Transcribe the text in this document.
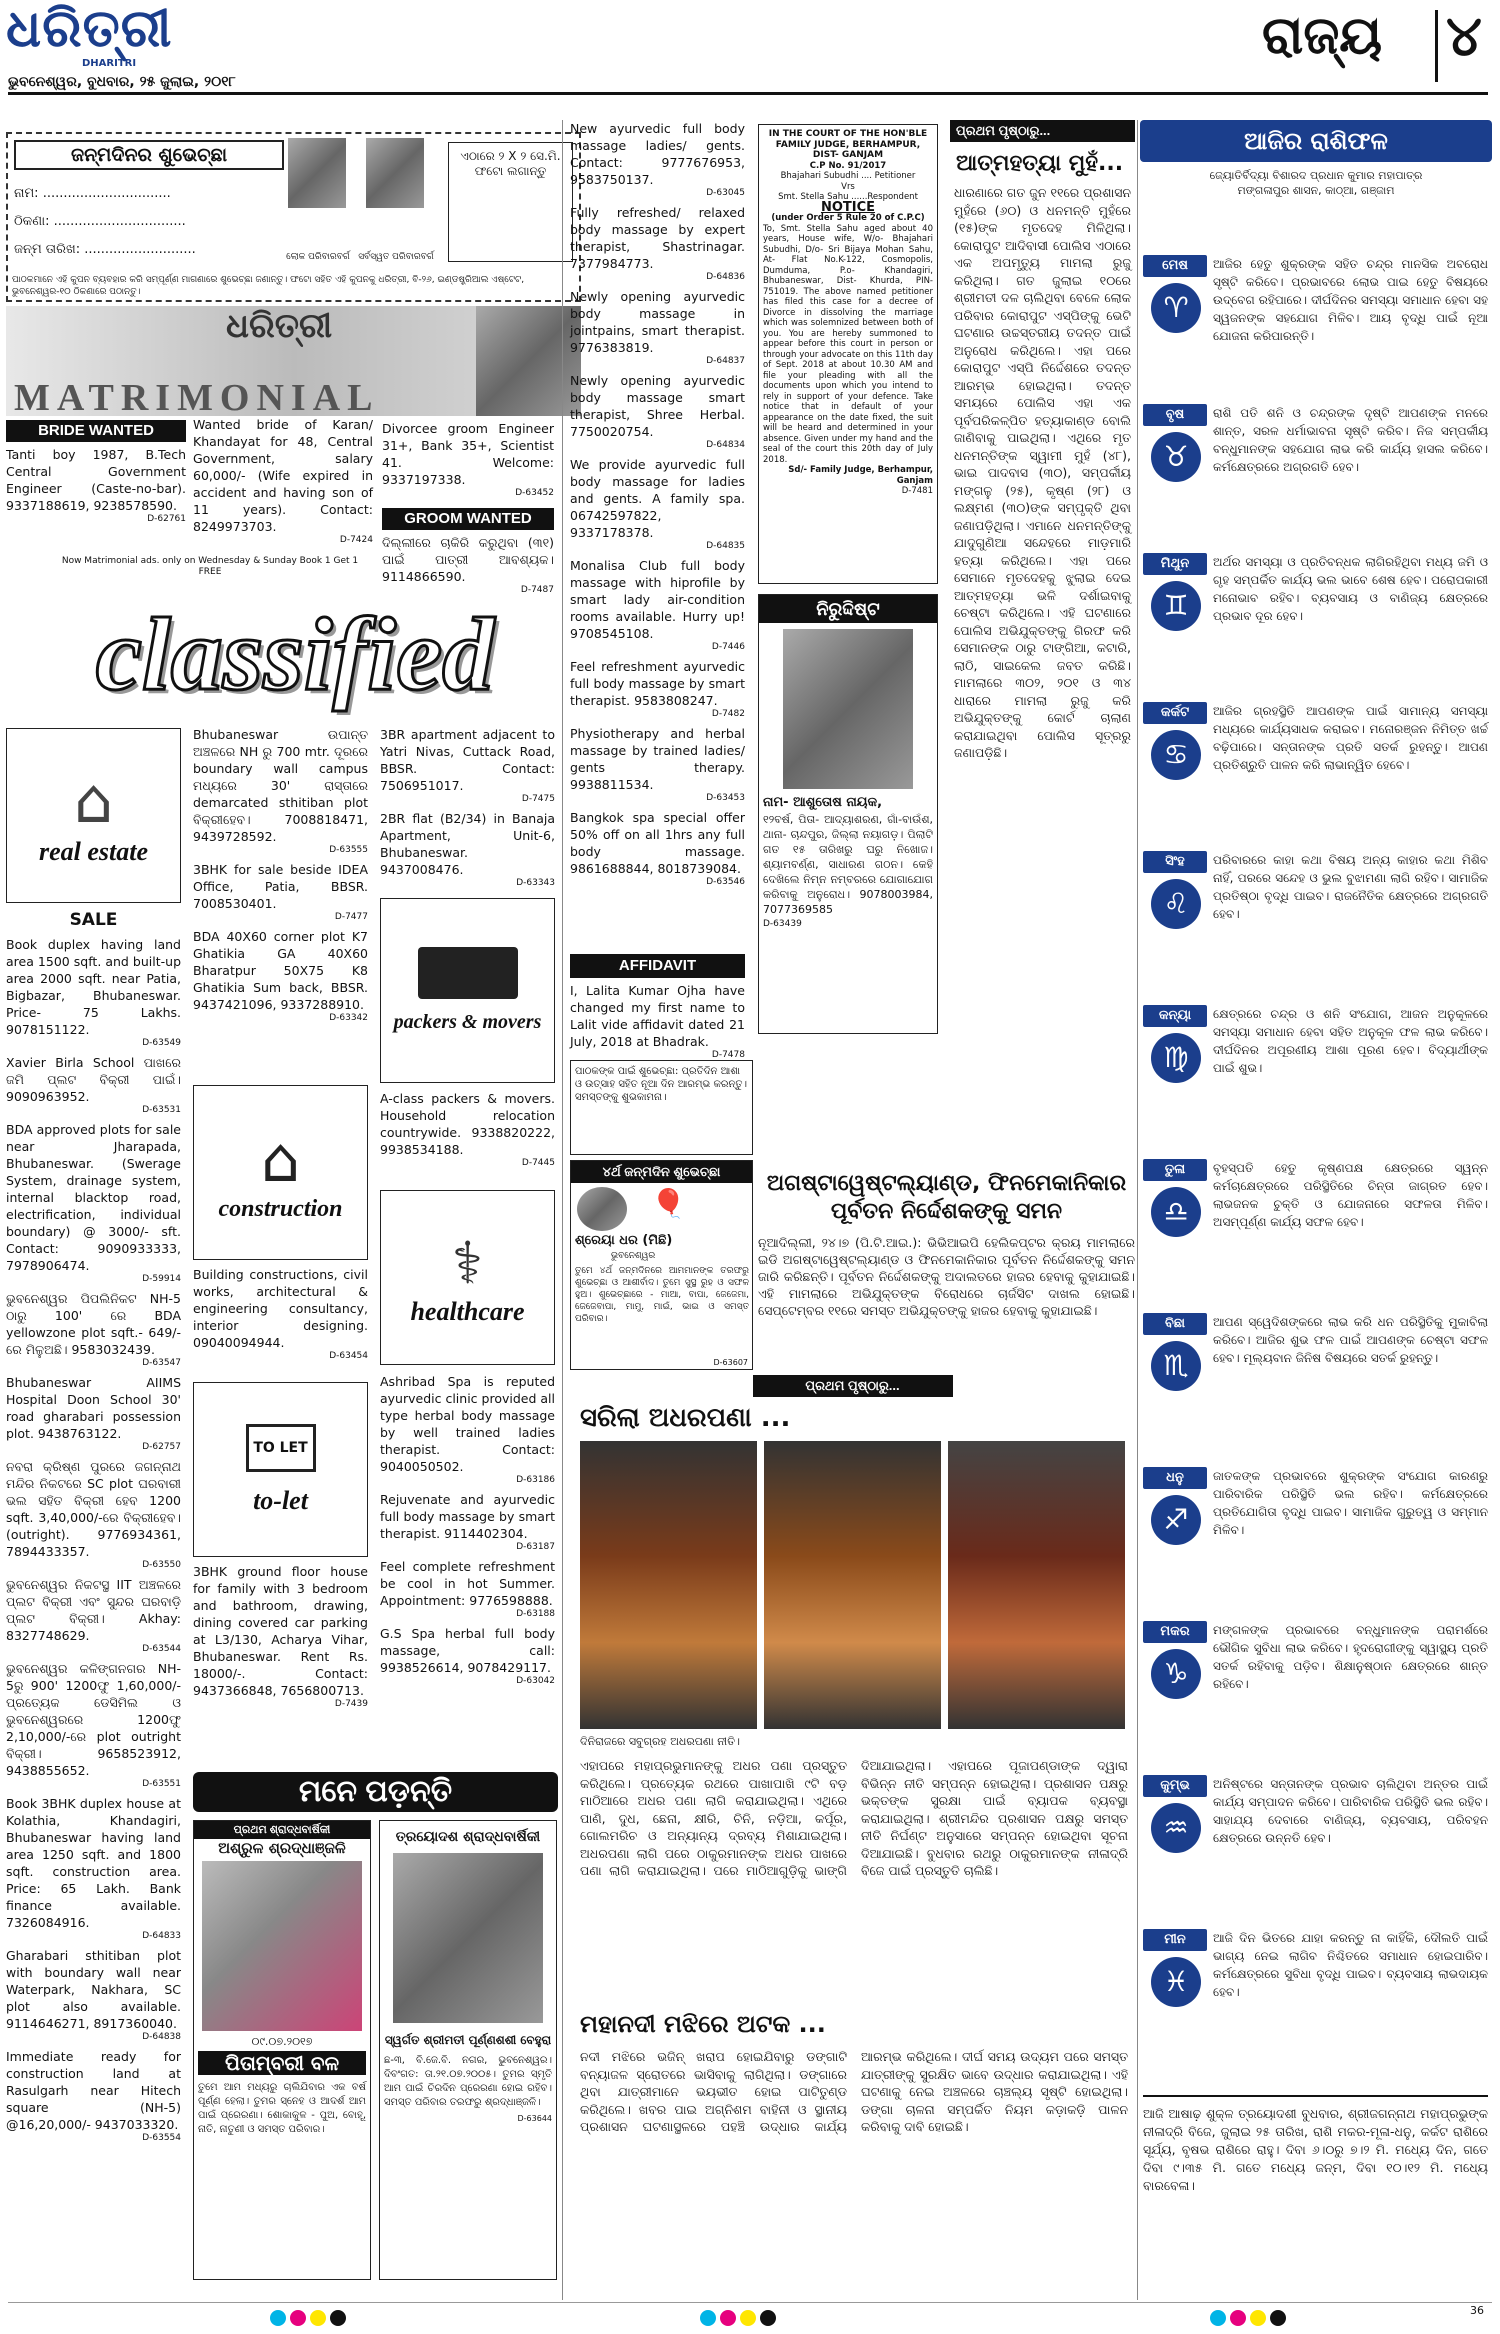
ଧରିତ୍ରୀ
DHARITRI
ଭୁବନେଶ୍ୱର, ବୁଧବାର, ୨୫ ଜୁଲାଇ, ୨୦୧୮
ରାଜ୍ୟ ୪
ଜନ୍ମଦିନର ଶୁଭେଚ୍ଛା
ନାମ: ...............................
ଠିକଣା: ................................
ଜନ୍ମ ତାରିଖ: ...........................	ଲୋକ ପରିବାରବର୍ଗ ସର୍ବସ୍ୱତ ପରିବାରବର୍ଗ
ଏଠାରେ ୨ X ୨ ସେ.ମି. ଫଟୋ ଲଗାନ୍ତୁ
ପାଠକମାନେ ଏହି କୁପନ ବ୍ୟବହାର କରି ସମ୍ପୂର୍ଣ୍ଣ ମାଗଣାରେ ଶୁଭେଚ୍ଛା ଜଣାନ୍ତୁ। ଫଟୋ ସହିତ ଏହି କୁପନକୁ ଧରିତ୍ରୀ, ବି-୨୬, ଇଣ୍ଡଷ୍ଟ୍ରିଆଲ ଏଷ୍ଟେଟ, ଭୁବନେଶ୍ୱର-୧୦ ଠିକଣାରେ ପଠାନ୍ତୁ।
ଧରିତ୍ରୀ
MATRIMONIAL
BRIDE WANTED
Tanti boy 1987, B.Tech Central Government Engineer (Caste-no-bar). 9337188619, 9238578590.
D-62761
Wanted bride of Karan/ Khandayat for 48, Central Government, salary 60,000/- (Wife expired in accident and having son of 11 years). Contact: 8249973703.
D-7424
Divorcee groom Engineer 31+, Bank 35+, Scientist 41. Welcome: 9337197338.
D-63452
GROOM WANTED
ଦିଲ୍ଲୀରେ ଚାକିରି କରୁଥିବା (୩୧) ପାଇଁ ପାତ୍ରୀ ଆବଶ୍ୟକ। 9114866590.
D-7487
Now Matrimonial ads. only on Wednesday & Sunday Book 1 Get 1 FREE
classified
⌂
real estate
SALE
Book duplex having land area 1500 sqft. and built-up area 2000 sqft. near Patia, Bigbazar, Bhubaneswar. Price- 75 Lakhs. 9078151122.
D-63549
Xavier Birla School ପାଖରେ ଜମି ପ୍ଲଟ ବିକ୍ରୀ ପାଇଁ। 9090963952.
D-63531
BDA approved plots for sale near Jharapada, Bhubaneswar. (Swerage System, drainage system, internal blacktop road, electrification, individual boundary) @ 3000/- sft. Contact: 9090933333, 7978906474.
D-59914
ଭୁବନେଶ୍ୱର ପିପଲିନିକଟ NH-5 ଠାରୁ 100' ରେ BDA yellowzone plot sqft.- 649/-ରେ ମିଳୁଅଛି। 9583032439.
D-63547
Bhubaneswar AIIMS Hospital Doon School 30' road gharabari possession plot. 9438763122.
D-62757
ନବରା କ୍ରିଷ୍ଣ ପୁରରେ ଜଗନ୍ନାଥ ମନ୍ଦିର ନିକଟରେ SC plot ଘରବାରୀ ଭଲ ସହିତ ବିକ୍ରୀ ହେବ 1200 sqft. 3,40,000/-ରେ ବିକ୍ରୀହେବ। (outright). 9776934361, 7894433357.
D-63550
ଭୁବନେଶ୍ୱର ନିକଟସ୍ଥ IIT ଅଞ୍ଚଳରେ ପ୍ଲଟ ବିକ୍ରୀ ଏବଂ ସୁନ୍ଦର ଘରବାଡ଼ି ପ୍ଲଟ ବିକ୍ରୀ। Akhay: 8327748629.
D-63544
ଭୁବନେଶ୍ୱର କଳିଙ୍ଗନଗର NH-5ରୁ 900' 1200ଫୁ 1,60,000/- ପ୍ରତ୍ୟେକ ଡେସିମିଲ ଓ ଭୁବନେଶ୍ୱରରେ 1200ଫୁ 2,10,000/-ରେ plot outright ବିକ୍ରୀ। 9658523912, 9438855652.
D-63551
Book 3BHK duplex house at Kolathia, Khandagiri, Bhubaneswar having land area 1250 sqft. and 1800 sqft. construction area. Price: 65 Lakh. Bank finance available. 7326084916.
D-64833
Gharabari sthitiban plot with boundary wall near Waterpark, Nakhara, SC plot also available. 9114646271, 8917360040.
D-64838
Immediate ready for construction land at Rasulgarh near Hitech square (NH-5) @16,20,000/- 9437033320.
D-63554
Bhubaneswar ଉପାନ୍ତ ଅଞ୍ଚଳରେ NH ରୁ 700 mtr. ଦୂରରେ boundary wall campus ମଧ୍ୟରେ 30' ରାସ୍ତାରେ demarcated sthitiban plot ବିକ୍ରୀହେବ। 7008818471, 9439728592.
D-63555
3BHK for sale beside IDEA Office, Patia, BBSR. 7008530401.
D-7477
BDA 40X60 corner plot K7 Ghatikia GA 40X60 Bharatpur 50X75 K8 Ghatikia Sum back, BBSR. 9437421096, 9337288910.
D-63342
⌂
construction
Building constructions, civil works, architectural & engineering consultancy, interior designing. 09040094944.
D-63454
TO LET
to-let
3BHK ground floor house for family with 3 bedroom and bathroom, drawing, dining covered car parking at L3/130, Acharya Vihar, Bhubaneswar. Rent Rs. 18000/-. Contact: 9437366848, 7656800713.
D-7439
3BR apartment adjacent to Yatri Nivas, Cuttack Road, BBSR. Contact: 7506951017.
D-7475
2BR flat (B2/34) in Banaja Apartment, Unit-6, Bhubaneswar. 9437008476.
D-63343
packers & movers
A-class packers & movers. Household relocation countrywide. 9338820222, 9938534188.
D-7445
⚕
healthcare
Ashribad Spa is reputed ayurvedic clinic provided all type herbal body massage by well trained ladies therapist. Contact: 9040050502.
D-63186
Rejuvenate and ayurvedic full body massage by smart therapist. 9114402304.
D-63187
Feel complete refreshment be cool in hot Summer. Appointment: 9776598888.
D-63188
G.S Spa herbal full body massage, call: 9938526614, 9078429117.
D-63042
New ayurvedic full body massage ladies/ gents. Contact: 9777676953, 9583750137.
D-63045
Fully refreshed/ relaxed body massage by expert therapist, Shastrinagar. 7377984773.
D-64836
Newly opening ayurvedic body massage in jointpains, smart therapist. 9776383819.
D-64837
Newly opening ayurvedic body massage smart therapist, Shree Herbal. 7750020754.
D-64834
We provide ayurvedic full body massage for ladies and gents. A family spa. 06742597822, 9337178378.
D-64835
Monalisa Club full body massage with hiprofile by smart lady air-condition rooms available. Hurry up! 9708545108.
D-7446
Feel refreshment ayurvedic full body massage by smart therapist. 9583808247.
D-7482
Physiotherapy and herbal massage by trained ladies/ gents therapy. 9938811534.
D-63453
Bangkok spa special offer 50% off on all 1hrs any full body massage. 9861688844, 8018739084.
D-63546
AFFIDAVIT
I, Lalita Kumar Ojha have changed my first name to Lalit vide affidavit dated 21 July, 2018 at Bhadrak.
D-7478
IN THE COURT OF THE HON'BLE FAMILY JUDGE, BERHAMPUR, DIST- GANJAM
C.P No. 91/2017
Bhajahari Subudhi .... Petitioner
Vrs
Smt. Stella Sahu ......Respondent
NOTICE
(under Order 5 Rule 20 of C.P.C)
To, Smt. Stella Sahu aged about 40 years, House wife, W/o- Bhajahari Subudhi, D/o- Sri Bijaya Mohan Sahu, At- Flat No.K-122, Cosmopolis, Dumduma, P.o- Khandagiri, Bhubaneswar, Dist- Khurda, PIN- 751019. The above named petitioner has filed this case for a decree of Divorce in dissolving the marriage which was solemnized between both of you. You are hereby summoned to appear before this court in person or through your advocate on this 11th day of Sept. 2018 at about 10.30 AM and file your pleading with all the documents upon which you intend to rely in support of your defence. Take notice that in default of your appearance on the date fixed, the suit will be heard and determined in your absence. Given under my hand and the seal of the court this 20th day of July 2018.
Sd/- Family Judge, Berhampur, Ganjam
D-7481
ନିରୁଦ୍ଦିଷ୍ଟ
ନାମ- ଆଶୁତୋଷ ନାୟକ,
୧୨ବର୍ଷ, ପିତା- ଆଦ୍ୟାଶରଣ, ଗାଁ-ବାଉଁଶ, ଥାନା- ଚାନ୍ଦପୁର, ଜିଲ୍ଲା ନୟାଗଡ଼। ପିଲାଟି ଗତ ୧୫ ତାରିଖରୁ ଘରୁ ନିଖୋଜ। ଶ୍ୟାମବର୍ଣ୍ଣ, ସାଧାରଣ ଗଠନ। କେହି ଦେଖିଲେ ନିମ୍ନ ନମ୍ବରରେ ଯୋଗାଯୋଗ କରିବାକୁ ଅନୁରୋଧ। 9078003984, 7077369585
D-63439
ପାଠକଙ୍କ ପାଇଁ ଶୁଭେଚ୍ଛା: ପ୍ରତିଦିନ ଆଶା ଓ ଉତ୍ସାହ ସହିତ ନୂଆ ଦିନ ଆରମ୍ଭ କରନ୍ତୁ। ସମସ୍ତଙ୍କୁ ଶୁଭକାମନା।
୪ର୍ଥ ଜନ୍ମଦିନ ଶୁଭେଚ୍ଛା
🎈
ଶ୍ରେୟା ଧର (ମିଛି)
ଭୁବନେଶ୍ୱର
ତୁମେ ୪ର୍ଥ ଜନ୍ମଦିନରେ ଆମମାନଙ୍କ ତରଫରୁ ଶୁଭେଚ୍ଛା ଓ ଆଶୀର୍ବାଦ। ତୁମେ ସୁସ୍ଥ ରୁହ ଓ ସଫଳ ହୁଅ। ଶୁଭେଚ୍ଛାରେ - ମାଆ, ବାପା, ଜେଜେମା, ଜେଜେବାପା, ମାମୁ, ମାଇଁ, ଭାଇ ଓ ସମସ୍ତ ପରିବାର।
D-63607
ପ୍ରଥମ ପୃଷ୍ଠାରୁ...
ଆତ୍ମହତ୍ୟା ମୁହଁ...
ଧାରଣାରେ ଗତ ଜୁନ ୧୧ରେ ପ୍ରଶାସନ ମୁହଁରେ (୬୦) ଓ ଧନମନ୍ତି ମୁହଁରେ (୧୫)ଙ୍କ ମୃତଦେହ ମିଳିଥିଲା। କୋରାପୁଟ ଆଦିବାସୀ ପୋଲିସ ଏଠାରେ ଏକ ଅପମୃତ୍ୟୁ ମାମଲା ରୁଜୁ କରିଥିଲା। ଗତ ଜୁଲାଇ ୧୦ରେ ଶ୍ରୀମତୀ ଦଳ ଚାଲିଥିବା ବେଳେ ଲୋକ ପରିବାର କୋରାପୁଟ ଏସ୍‌ପିଙ୍କୁ ଭେଟି ଘଟଣାର ଉଚ୍ଚସ୍ତରୀୟ ତଦନ୍ତ ପାଇଁ ଅନୁରୋଧ କରିଥିଲେ। ଏହା ପରେ କୋରାପୁଟ ଏସ୍‌ପି ନିର୍ଦ୍ଦେଶରେ ତଦନ୍ତ ଆରମ୍ଭ ହୋଇଥିଲା। ତଦନ୍ତ ସମୟରେ ପୋଲିସ ଏହା ଏକ ପୂର୍ବପରିକଳ୍ପିତ ହତ୍ୟାକାଣ୍ଡ ବୋଲି ଜାଣିବାକୁ ପାଇଥିଲା। ଏଥିରେ ମୃତ ଧନମନ୍ତିଙ୍କ ସ୍ୱାମୀ ମୁହଁ (୪୮), ଭାଇ ପାଦବାସ (୩୦), ସମ୍ପର୍କୀୟ ମଙ୍ଗଳୁ (୨୫), କୃଷ୍ଣ (୨୮) ଓ ଲକ୍ଷ୍ମଣ (୩୦)ଙ୍କ ସମ୍ପୃକ୍ତି ଥିବା ଜଣାପଡ଼ିଥିଲା। ଏମାନେ ଧନମନ୍ତିଙ୍କୁ ଯାଦୁଗୁଣିଆ ସନ୍ଦେହରେ ମାଡ଼ମାରି ହତ୍ୟା କରିଥିଲେ। ଏହା ପରେ ସେମାନେ ମୃତଦେହକୁ ଝୁଲାଇ ଦେଇ ଆତ୍ମହତ୍ୟା ଭଳି ଦର୍ଶାଇବାକୁ ଚେଷ୍ଟା କରିଥିଲେ। ଏହି ଘଟଣାରେ ପୋଲିସ ଅଭିଯୁକ୍ତଙ୍କୁ ଗିରଫ କରି ସେମାନଙ୍କ ଠାରୁ ଟାଙ୍ଗିଆ, କଟାରି, ଲାଠି, ସାଇକେଲ ଜବତ କରିଛି। ମାମଲାରେ ୩୦୨, ୨୦୧ ଓ ୩୪ ଧାରାରେ ମାମଲା ରୁଜୁ କରି ଅଭିଯୁକ୍ତଙ୍କୁ କୋର୍ଟ ଚାଲାଣ କରାଯାଇଥିବା ପୋଲିସ ସୂତ୍ରରୁ ଜଣାପଡ଼ିଛି।
ଅଗଷ୍ଟାୱେଷ୍ଟଲ୍ୟାଣ୍ଡ, ଫିନମେକାନିକାର ପୂର୍ବତନ ନିର୍ଦ୍ଦେଶକଙ୍କୁ ସମନ
ନୂଆଦିଲ୍ଲୀ, ୨୪।୭ (ପି.ଟି.ଆଇ.): ଭିଭିଆଇପି ହେଲିକପ୍ଟର କ୍ରୟ ମାମଲାରେ ଇଡି ଅଗଷ୍ଟାୱେଷ୍ଟଲ୍ୟାଣ୍ଡ ଓ ଫିନମେକାନିକାର ପୂର୍ବତନ ନିର୍ଦ୍ଦେଶକଙ୍କୁ ସମନ ଜାରି କରିଛନ୍ତି। ପୂର୍ବତନ ନିର୍ଦ୍ଦେଶକଙ୍କୁ ଅଦାଲତରେ ହାଜର ହେବାକୁ କୁହାଯାଇଛି। ଏହି ମାମଲାରେ ଅଭିଯୁକ୍ତଙ୍କ ବିରୋଧରେ ଚାର୍ଜସିଟ ଦାଖଲ ହୋଇଛି। ସେପ୍ଟେମ୍ବର ୧୧ରେ ସମସ୍ତ ଅଭିଯୁକ୍ତଙ୍କୁ ହାଜର ହେବାକୁ କୁହାଯାଇଛି।
ପ୍ରଥମ ପୃଷ୍ଠାରୁ...
ସରିଲା ଅଧରପଣା ...
ଦିନିରାଜରେ ସବୁଗ୍ରହ ଅଧରପଣା ନୀତି।
ଏହାପରେ ମହାପ୍ରଭୁମାନଙ୍କୁ ଅଧର ପଣା ପ୍ରସ୍ତୁତ କରିଥିଲେ। ପ୍ରତ୍ୟେକ ରଥରେ ପାଖାପାଖି ୯ଟି ବଡ଼ ମାଠିଆରେ ଅଧର ପଣା ଲାଗି କରାଯାଇଥିଲା। ଏଥିରେ ପାଣି, ଦୁଧ, ଛେନା, କ୍ଷୀରି, ଚିନି, ନଡ଼ିଆ, କର୍ପୂର, ଗୋଲମରିଚ ଓ ଅନ୍ୟାନ୍ୟ ଦ୍ରବ୍ୟ ମିଶାଯାଇଥିଲା। ଅଧରପଣା ଲାଗି ପରେ ଠାକୁରମାନଙ୍କ ଅଧର ପାଖରେ ପଣା ଲାଗି କରାଯାଇଥିଲା। ପରେ ମାଠିଆଗୁଡ଼ିକୁ ଭାଙ୍ଗି ଦିଆଯାଇଥିଲା। ଏହାପରେ ପୂଜାପଣ୍ଡାଙ୍କ ଦ୍ୱାରା ବିଭିନ୍ନ ନୀତି ସମ୍ପନ୍ନ ହୋଇଥିଲା। ପ୍ରଶାସନ ପକ୍ଷରୁ ଭକ୍ତଙ୍କ ସୁରକ୍ଷା ପାଇଁ ବ୍ୟାପକ ବ୍ୟବସ୍ଥା କରାଯାଇଥିଲା। ଶ୍ରୀମନ୍ଦିର ପ୍ରଶାସନ ପକ୍ଷରୁ ସମସ୍ତ ନୀତି ନିର୍ଘଣ୍ଟ ଅନୁସାରେ ସମ୍ପନ୍ନ ହୋଇଥିବା ସୂଚନା ଦିଆଯାଇଛି। ବୁଧବାର ରଥରୁ ଠାକୁରମାନଙ୍କ ନୀଳାଦ୍ରି ବିଜେ ପାଇଁ ପ୍ରସ୍ତୁତି ଚାଲିଛି।
ମହାନଦୀ ମଝିରେ ଅଟକ ...
ନଦୀ ମଝିରେ ଭଜିନ୍ ଖରାପ ହୋଇଯିବାରୁ ଡଙ୍ଗାଟି ବନ୍ୟାଜଳ ସ୍ରୋତରେ ଭାସିବାକୁ ଲାଗିଥିଲା। ଡଙ୍ଗାରେ ଥିବା ଯାତ୍ରୀମାନେ ଭୟଭୀତ ହୋଇ ପାଟିତୁଣ୍ଡ କରିଥିଲେ। ଖବର ପାଇ ଅଗ୍ନିଶମ ବାହିନୀ ଓ ସ୍ଥାନୀୟ ପ୍ରଶାସନ ଘଟଣାସ୍ଥଳରେ ପହଞ୍ଚି ଉଦ୍ଧାର କାର୍ଯ୍ୟ ଆରମ୍ଭ କରିଥିଲେ। ଦୀର୍ଘ ସମୟ ଉଦ୍ୟମ ପରେ ସମସ୍ତ ଯାତ୍ରୀଙ୍କୁ ସୁରକ୍ଷିତ ଭାବେ ଉଦ୍ଧାର କରାଯାଇଥିଲା। ଏହି ଘଟଣାକୁ ନେଇ ଅଞ୍ଚଳରେ ଚାଞ୍ଚଲ୍ୟ ସୃଷ୍ଟି ହୋଇଥିଲା। ଡଙ୍ଗା ଚାଳନା ସମ୍ପର୍କିତ ନିୟମ କଡ଼ାକଡ଼ି ପାଳନ କରିବାକୁ ଦାବି ହୋଇଛି।
ମନେ ପଡ଼ନ୍ତି
ପ୍ରଥମ ଶ୍ରାଦ୍ଧବାର୍ଷିକୀ
ଅଶ୍ରୁଳ ଶ୍ରଦ୍ଧାଞ୍ଜଳି
୦୯.୦୭.୨୦୧୭
ପିତାମ୍ବରୀ ବଳ
ତୁମେ ଆମ ମଧ୍ୟରୁ ଚାଲିଯିବାର ଏକ ବର୍ଷ ପୂର୍ଣ୍ଣ ହେଲା। ତୁମର ସ୍ନେହ ଓ ଆଦର୍ଶ ଆମ ପାଇଁ ପ୍ରେରଣା। ଶୋକାକୁଳ - ପୁଅ, ବୋହୂ, ନାତି, ନାତୁଣୀ ଓ ସମସ୍ତ ପରିବାର।
ତ୍ରୟୋଦଶ ଶ୍ରାଦ୍ଧବାର୍ଷିକୀ
ସ୍ୱର୍ଗତ ଶ୍ରୀମତୀ ପୂର୍ଣ୍ଣଶଶୀ ବେହୁରା
ଛ-୩, ବି.ଜେ.ବି. ନଗର, ଭୁବନେଶ୍ୱର। ଦିବଂଗତ: ତା.୨୧.୦୭.୨୦୦୫। ତୁମର ସ୍ମୃତି ଆମ ପାଇଁ ଚିରଦିନ ପ୍ରେରଣା ହୋଇ ରହିବ। ସମସ୍ତ ପରିବାର ତରଫରୁ ଶ୍ରଦ୍ଧାଞ୍ଜଳି।
D-63644
ଆଜିର ରାଶିଫଳ
ଜ୍ୟୋତିର୍ବିଦ୍ୟା ବିଶାରଦ ପ୍ରଧାନ କୁମାର ମହାପାତ୍ର
ମଙ୍ଗଳାପୁର ଶାସନ, କାଠ୍ଆ, ଗଞ୍ଜାମ
ମେଷ
♈
ଆଜିର ହେତୁ ଶୁକ୍ରଙ୍କ ସହିତ ଚନ୍ଦ୍ର ମାନସିକ ଅବରୋଧ ସୃଷ୍ଟି କରିବେ। ପ୍ରଭାବରେ ଲୋଭ ପାଇ ହେତୁ ବିଷୟରେ ଉଦ୍ବେଗ ରହିପାରେ। ଦୀର୍ଘଦିନର ସମସ୍ୟା ସମାଧାନ ହେବା ସହ ସ୍ୱଜନଙ୍କ ସହଯୋଗ ମିଳିବ। ଆୟ ବୃଦ୍ଧି ପାଇଁ ନୂଆ ଯୋଜନା କରିପାରନ୍ତି।
ବୃଷ
♉
ରାଶି ପତି ଶନି ଓ ଚନ୍ଦ୍ରଙ୍କ ଦୃଷ୍ଟି ଆପଣଙ୍କ ମନରେ ଶାନ୍ତ, ସରଳ ଧର୍ମାଭାବନା ସୃଷ୍ଟି କରିବ। ନିଜ ସମ୍ପର୍କୀୟ ବନ୍ଧୁମାନଙ୍କ ସହଯୋଗ ଲାଭ କରି କାର୍ଯ୍ୟ ହାସଲ କରିବେ। କର୍ମକ୍ଷେତ୍ରରେ ଅଗ୍ରଗତି ହେବ।
ମିଥୁନ
♊
ଅର୍ଥର ସମସ୍ୟା ଓ ପ୍ରତିବନ୍ଧକ ଲାଗିରହିଥିବା ମଧ୍ୟ ଜମି ଓ ଗୃହ ସମ୍ପର୍କିତ କାର୍ଯ୍ୟ ଭଲ ଭାବେ ଶେଷ ହେବ। ପରୋପକାରୀ ମନୋଭାବ ରହିବ। ବ୍ୟବସାୟ ଓ ବାଣିଜ୍ୟ କ୍ଷେତ୍ରରେ ପ୍ରଭାବ ଦୂର ହେବ।
କର୍କଟ
♋
ଆଜିର ଗ୍ରହସ୍ଥିତି ଆପଣଙ୍କ ପାଇଁ ସାମାନ୍ୟ ସମସ୍ୟା ମଧ୍ୟରେ କାର୍ଯ୍ୟସାଧକ କରାଇବ। ମନୋରଞ୍ଜନ ନିମିତ୍ତ ଖର୍ଚ୍ଚ ବଢ଼ିପାରେ। ସନ୍ତାନଙ୍କ ପ୍ରତି ସତର୍କ ରୁହନ୍ତୁ। ଆପଣ ପ୍ରତିଶ୍ରୁତି ପାଳନ କରି ଲାଭାନ୍ୱିତ ହେବେ।
ସିଂହ
♌
ପରିବାରରେ କାହା କଥା ବିଷୟ ଅନ୍ୟ କାହାର କଥା ମିଶିବ ନାହିଁ, ପରରେ ସନ୍ଦେହ ଓ ଭୁଲ ବୁଝାମଣା ଲାଗି ରହିବ। ସାମାଜିକ ପ୍ରତିଷ୍ଠା ବୃଦ୍ଧି ପାଇବ। ରାଜନୈତିକ କ୍ଷେତ୍ରରେ ଅଗ୍ରଗତି ହେବ।
କନ୍ୟା
♍
କ୍ଷେତ୍ରରେ ଚନ୍ଦ୍ର ଓ ଶନି ସଂଯୋଗ, ଆଜନ ଅନୁକୂଳରେ ସମସ୍ୟା ସମାଧାନ ହେବା ସହିତ ଅନୁକୂଳ ଫଳ ଲାଭ କରିବେ। ଦୀର୍ଘଦିନର ଅପୂରଣୀୟ ଆଶା ପୂରଣ ହେବ। ବିଦ୍ୟାର୍ଥୀଙ୍କ ପାଇଁ ଶୁଭ।
ତୁଳା
♎
ବୃହସ୍ପତି ହେତୁ କୃଷ୍ଣପକ୍ଷ କ୍ଷେତ୍ରରେ ସ୍ୱନ୍ନ କର୍ମଚାକ୍ଷେତ୍ରରେ ପରିସ୍ଥିତିରେ ଚିନ୍ତା ଜାଗ୍ରତ ହେବ। ଲାଭଜନକ ଚୁକ୍ତି ଓ ଯୋଜନାରେ ସଫଳତା ମିଳିବ। ଅସମ୍ପୂର୍ଣ୍ଣ କାର୍ଯ୍ୟ ସଫଳ ହେବ।
ବିଛା
♏
ଆପଣ ସ୍ୱେଦିଶଙ୍କରେ ଲାଭ କରି ଧନ ପରିସ୍ଥିତିକୁ ମୁକାବିଲା କରିବେ। ଆଜିର ଶୁଭ ଫଳ ପାଇଁ ଆପଣଙ୍କ ଚେଷ୍ଟା ସଫଳ ହେବ। ମୂଲ୍ୟବାନ ଜିନିଷ ବିଷୟରେ ସତର୍କ ରୁହନ୍ତୁ।
ଧନୁ
♐
ଜାତକଙ୍କ ପ୍ରଭାବରେ ଶୁକ୍ରଙ୍କ ସଂଯୋଗ କାରଣରୁ ପାରିବାରିକ ପରିସ୍ଥିତି ଭଲ ରହିବ। କର୍ମକ୍ଷେତ୍ରରେ ପ୍ରତିଯୋଗିତା ବୃଦ୍ଧି ପାଇବ। ସାମାଜିକ ଗୁରୁତ୍ୱ ଓ ସମ୍ମାନ ମିଳିବ।
ମକର
♑
ମଙ୍ଗଳଙ୍କ ପ୍ରଭାବରେ ବନ୍ଧୁମାନଙ୍କ ପରାମର୍ଶରେ ଭୌଗିକ ସୁବିଧା ଲାଭ କରିବେ। ହୃଦରୋଗୀଙ୍କୁ ସ୍ୱାସ୍ଥ୍ୟ ପ୍ରତି ସତର୍କ ରହିବାକୁ ପଡ଼ିବ। ଶିକ୍ଷାନୁଷ୍ଠାନ କ୍ଷେତ୍ରରେ ଶାନ୍ତ ରହିବେ।
କୁମ୍ଭ
♒
ଅନିଷ୍ଟରେ ସନ୍ତାନଙ୍କ ପ୍ରଭାବ ଚାଲିଥିବା ଅନ୍ତର ପାଇଁ କାର୍ଯ୍ୟ ସମ୍ପାଦନ କରିବେ। ପାରିବାରିକ ପରିସ୍ଥିତି ଭଲ ରହିବ। ସାହାଯ୍ୟ ଦେବାରେ ବାଣିଜ୍ୟ, ବ୍ୟବସାୟ, ପରିବହନ କ୍ଷେତ୍ରରେ ଉନ୍ନତି ହେବ।
ମୀନ
♓
ଆଜି ଦିନ ଭିତରେ ଯାହା କରନ୍ତୁ ନା କାହିଁକି, ଦୌଲତି ପାଇଁ ଭାଗ୍ୟ ନେଇ ଲାଗିବ ନିଶ୍ଚିତରେ ସମାଧାନ ହୋଇପାରିବ। କର୍ମକ୍ଷେତ୍ରରେ ସୁବିଧା ବୃଦ୍ଧି ପାଇବ। ବ୍ୟବସାୟ ଲାଭଦାୟକ ହେବ।
ଆଜି ଆଷାଢ଼ ଶୁକ୍ଳ ତ୍ରୟୋଦଶୀ ବୁଧବାର, ଶ୍ରୀଜଗନ୍ନାଥ ମହାପ୍ରଭୁଙ୍କ ନୀଳାଦ୍ରି ବିଜେ, ଜୁଲାଇ ୨୫ ତାରିଖ, ରାଶି ମକର-ମୂଳା-ଧନୁ, କର୍କଟ ରାଶିରେ ସୂର୍ଯ୍ୟ, ବୃଷଭ ରାଶିରେ ରାହୁ। ଦିବା ୬।୦ରୁ ୭।୨ ମି. ମଧ୍ୟେ ଦିନ, ଗତେ ଦିବା ୯।୩୫ ମି. ଗତେ ମଧ୍ୟେ ଜନ୍ମ, ଦିବା ୧୦।୧୨ ମି. ମଧ୍ୟେ ବାରବେଳା।
36
